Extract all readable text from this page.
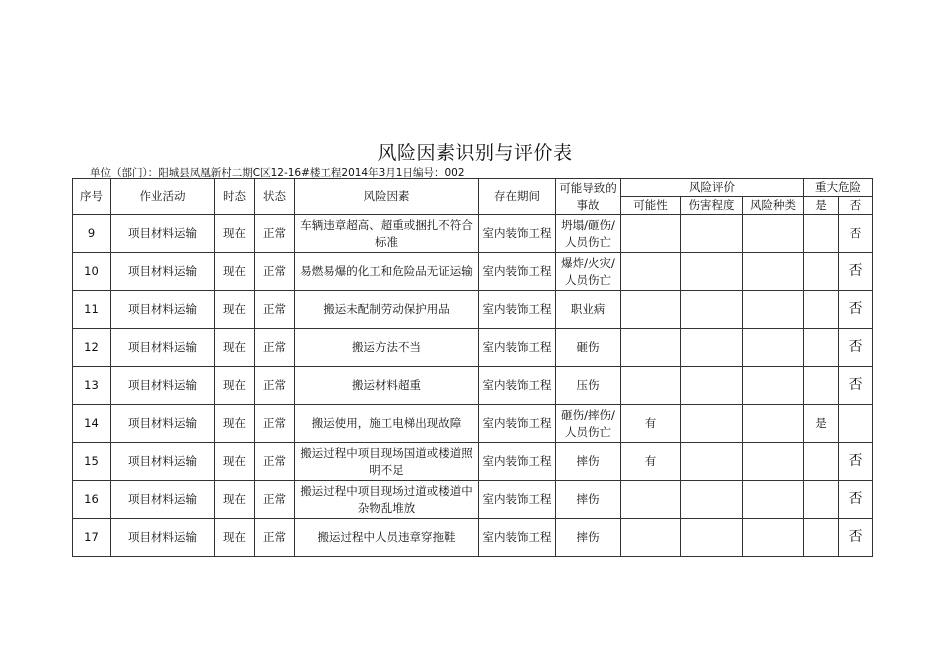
风险因素识别与评价表
单位（部门）：阳城县凤凰新村二期C区12-16#楼工程2014年3月1日编号：002
序号	作业活动	时态	状态	风险因素	存在期间	可能导致的事故	风险评价			重大危险	
							可能性	伤害程度	风险种类	是	否
9	项目材料运输	现在	正常	车辆违章超高、超重或捆扎不符合标准	室内装饰工程	坍塌/砸伤/人员伤亡					否
10	项目材料运输	现在	正常	易燃易爆的化工和危险品无证运输	室内装饰工程	爆炸/火灾/人员伤亡					否
11	项目材料运输	现在	正常	搬运未配制劳动保护用品	室内装饰工程	职业病					否
12	项目材料运输	现在	正常	搬运方法不当	室内装饰工程	砸伤					否
13	项目材料运输	现在	正常	搬运材料超重	室内装饰工程	压伤					否
14	项目材料运输	现在	正常	搬运使用，施工电梯出现故障	室内装饰工程	砸伤/摔伤/人员伤亡	有			是	
15	项目材料运输	现在	正常	搬运过程中项目现场国道或楼道照明不足	室内装饰工程	摔伤	有				否
16	项目材料运输	现在	正常	搬运过程中项目现场过道或楼道中杂物乱堆放	室内装饰工程	摔伤					否
17	项目材料运输	现在	正常	搬运过程中人员违章穿拖鞋	室内装饰工程	摔伤					否
